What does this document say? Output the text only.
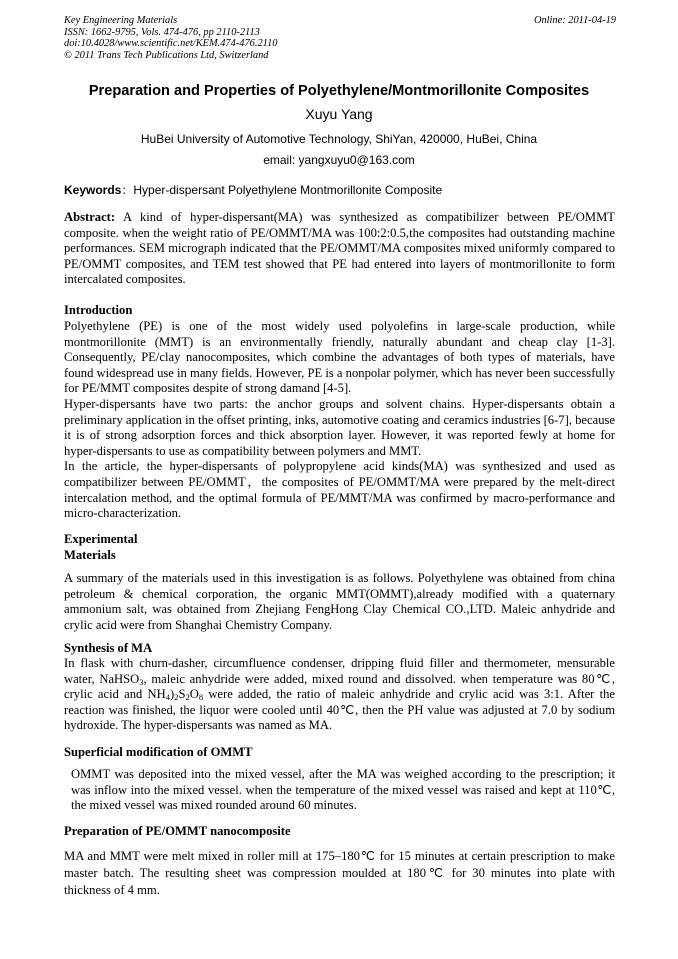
Key Engineering Materials
ISSN: 1662-9795, Vols. 474-476, pp 2110-2113
doi:10.4028/www.scientific.net/KEM.474-476.2110
© 2011 Trans Tech Publications Ltd, Switzerland
Online: 2011-04-19
Preparation and Properties of Polyethylene/Montmorillonite Composites
Xuyu Yang
HuBei University of Automotive Technology, ShiYan, 420000, HuBei, China
email: yangxuyu0@163.com
Keywords：Hyper-dispersant Polyethylene Montmorillonite Composite

Abstract: A kind of hyper-dispersant(MA) was synthesized as compatibilizer between PE/OMMT composite. when the weight ratio of PE/OMMT/MA was 100:2:0.5,the composites had outstanding machine performances. SEM micrograph indicated that the PE/OMMT/MA composites mixed uniformly compared to PE/OMMT composites, and TEM test showed that PE had entered into layers of montmorillonite to form intercalated composites.

Introduction

Polyethylene (PE) is one of the most widely used polyolefins in large-scale production, while montmorillonite (MMT) is an environmentally friendly, naturally abundant and cheap clay [1-3]. Consequently, PE/clay nanocomposites, which combine the advantages of both types of materials, have found widespread use in many fields. However, PE is a nonpolar polymer, which has never been successfully for PE/MMT composites despite of strong damand [4-5].

Hyper-dispersants have two parts: the anchor groups and solvent chains. Hyper-dispersants obtain a preliminary application in the offset printing, inks, automotive coating and ceramics industries [6-7], because it is of strong adsorption forces and thick absorption layer. However, it was reported fewly at home for hyper-dispersants to use as compatibility between polymers and MMT.

In the article, the hyper-dispersants of polypropylene acid kinds(MA) was synthesized and used as compatibilizer between PE/OMMT，the composites of PE/OMMT/MA were prepared by the melt-direct intercalation method, and the optimal formula of PE/MMT/MA was confirmed by macro-performance and micro-characterization.

Experimental
Materials

A summary of the materials used in this investigation is as follows. Polyethylene was obtained from china petroleum & chemical corporation, the organic MMT(OMMT),already modified with a quaternary ammonium salt, was obtained from Zhejiang FengHong Clay Chemical CO.,LTD. Maleic anhydride and crylic acid were from Shanghai Chemistry Company.

Synthesis of MA

In flask with churn-dasher, circumfluence condenser, dripping fluid filler and thermometer, mensurable water, NaHSO$_3$, maleic anhydride were added, mixed round and dissolved. when temperature was 80℃, crylic acid and $NH_4)_2S_2O_8$ were added, the ratio of maleic anhydride and crylic acid was 3:1. After the reaction was finished, the liquor were cooled until 40℃, then the PH value was adjusted at 7.0 by sodium hydroxide. The hyper-dispersants was named as MA.

Superficial modification of OMMT

OMMT was deposited into the mixed vessel, after the MA was weighed according to the prescription; it was inflow into the mixed vessel. when the temperature of the mixed vessel was raised and kept at 110℃, the mixed vessel was mixed rounded around 60 minutes.

Preparation of PE/OMMT nanocomposite

MA and MMT were melt mixed in roller mill at 175–180℃ for 15 minutes at certain prescription to make master batch. The resulting sheet was compression moulded at 180℃ for 30 minutes into plate with thickness of 4 mm.
